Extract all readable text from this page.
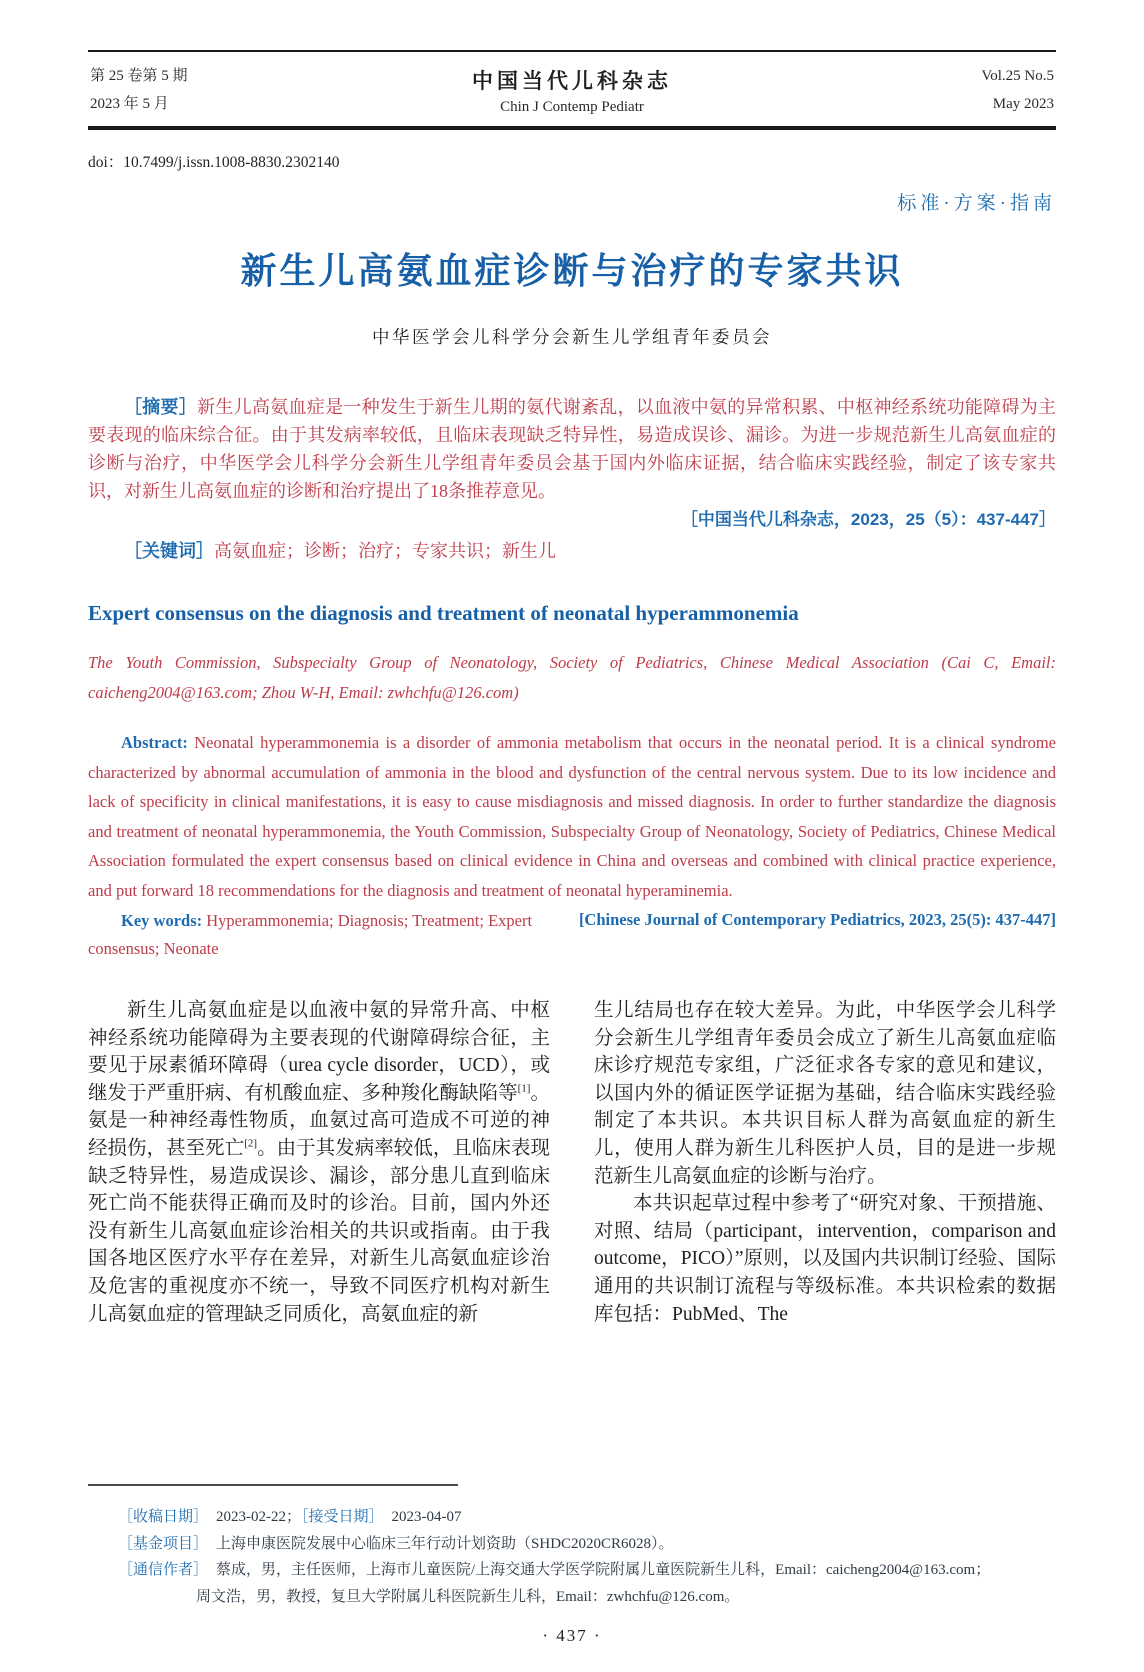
第 25 卷第 5 期
2023 年 5 月
中国当代儿科杂志
Chin J Contemp Pediatr
Vol.25 No.5
May 2023
doi：10.7499/j.issn.1008-8830.2302140
标准·方案·指南
新生儿高氨血症诊断与治疗的专家共识
中华医学会儿科学分会新生儿学组青年委员会

［摘要］新生儿高氨血症是一种发生于新生儿期的氨代谢紊乱，以血液中氨的异常积累、中枢神经系统功能障碍为主要表现的临床综合征。由于其发病率较低，且临床表现缺乏特异性，易造成误诊、漏诊。为进一步规范新生儿高氨血症的诊断与治疗，中华医学会儿科学分会新生儿学组青年委员会基于国内外临床证据，结合临床实践经验，制定了该专家共识，对新生儿高氨血症的诊断和治疗提出了18条推荐意见。

［中国当代儿科杂志，2023，25（5）：437-447］

［关键词］高氨血症；诊断；治疗；专家共识；新生儿

Expert consensus on the diagnosis and treatment of neonatal hyperammonemia
The Youth Commission, Subspecialty Group of Neonatology, Society of Pediatrics, Chinese Medical Association (Cai C, Email: caicheng2004@163.com; Zhou W-H, Email: zwhchfu@126.com)

Abstract: Neonatal hyperammonemia is a disorder of ammonia metabolism that occurs in the neonatal period. It is a clinical syndrome characterized by abnormal accumulation of ammonia in the blood and dysfunction of the central nervous system. Due to its low incidence and lack of specificity in clinical manifestations, it is easy to cause misdiagnosis and missed diagnosis. In order to further standardize the diagnosis and treatment of neonatal hyperammonemia, the Youth Commission, Subspecialty Group of Neonatology, Society of Pediatrics, Chinese Medical Association formulated the expert consensus based on clinical evidence in China and overseas and combined with clinical practice experience, and put forward 18 recommendations for the diagnosis and treatment of neonatal hyperaminemia.
[Chinese Journal of Contemporary Pediatrics, 2023, 25(5): 437-447]

Key words: Hyperammonemia; Diagnosis; Treatment; Expert consensus; Neonate

新生儿高氨血症是以血液中氨的异常升高、中枢神经系统功能障碍为主要表现的代谢障碍综合征，主要见于尿素循环障碍（urea cycle disorder，UCD），或继发于严重肝病、有机酸血症、多种羧化酶缺陷等[1]。氨是一种神经毒性物质，血氨过高可造成不可逆的神经损伤，甚至死亡[2]。由于其发病率较低，且临床表现缺乏特异性，易造成误诊、漏诊，部分患儿直到临床死亡尚不能获得正确而及时的诊治。目前，国内外还没有新生儿高氨血症诊治相关的共识或指南。由于我国各地区医疗水平存在差异，对新生儿高氨血症诊治及危害的重视度亦不统一，导致不同医疗机构对新生儿高氨血症的管理缺乏同质化，高氨血症的新

生儿结局也存在较大差异。为此，中华医学会儿科学分会新生儿学组青年委员会成立了新生儿高氨血症临床诊疗规范专家组，广泛征求各专家的意见和建议，以国内外的循证医学证据为基础，结合临床实践经验制定了本共识。本共识目标人群为高氨血症的新生儿，使用人群为新生儿科医护人员，目的是进一步规范新生儿高氨血症的诊断与治疗。

本共识起草过程中参考了“研究对象、干预措施、对照、结局（participant，intervention，comparison and outcome，PICO）”原则，以及国内共识制订经验、国际通用的共识制订流程与等级标准。本共识检索的数据库包括：PubMed、The

［收稿日期］ 2023-02-22；［接受日期］ 2023-04-07
［基金项目］ 上海申康医院发展中心临床三年行动计划资助（SHDC2020CR6028）。
［通信作者］ 蔡成，男，主任医师，上海市儿童医院/上海交通大学医学院附属儿童医院新生儿科，Email：caicheng2004@163.com；
周文浩，男，教授，复旦大学附属儿科医院新生儿科，Email：zwhchfu@126.com。
· 437 ·
